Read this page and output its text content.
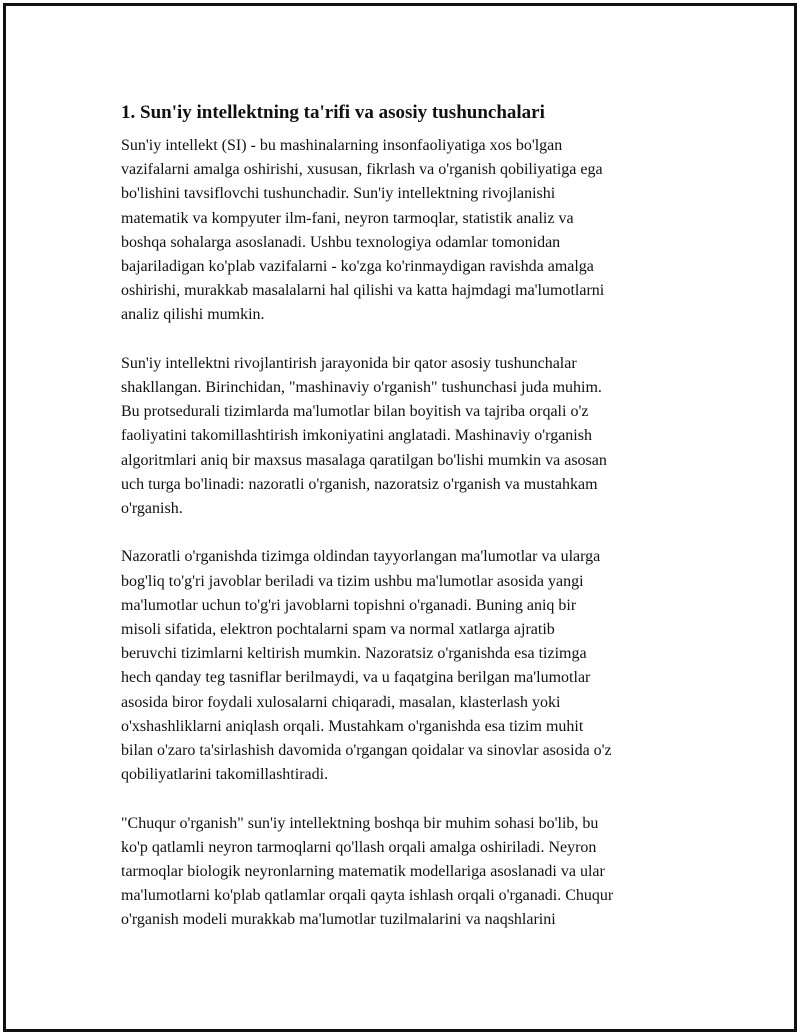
1. Sun'iy intellektning ta'rifi va asosiy tushunchalari

Sun'iy intellekt (SI) - bu mashinalarning insonfaoliyatiga xos bo'lgan
vazifalarni amalga oshirishi, xususan, fikrlash va o'rganish qobiliyatiga ega
bo'lishini tavsiflovchi tushunchadir. Sun'iy intellektning rivojlanishi
matematik va kompyuter ilm-fani, neyron tarmoqlar, statistik analiz va
boshqa sohalarga asoslanadi. Ushbu texnologiya odamlar tomonidan
bajariladigan ko'plab vazifalarni - ko'zga ko'rinmaydigan ravishda amalga
oshirishi, murakkab masalalarni hal qilishi va katta hajmdagi ma'lumotlarni
analiz qilishi mumkin.

Sun'iy intellektni rivojlantirish jarayonida bir qator asosiy tushunchalar
shakllangan. Birinchidan, "mashinaviy o'rganish" tushunchasi juda muhim.
Bu protsedurali tizimlarda ma'lumotlar bilan boyitish va tajriba orqali o'z
faoliyatini takomillashtirish imkoniyatini anglatadi. Mashinaviy o'rganish
algoritmlari aniq bir maxsus masalaga qaratilgan bo'lishi mumkin va asosan
uch turga bo'linadi: nazoratli o'rganish, nazoratsiz o'rganish va mustahkam
o'rganish.

Nazoratli o'rganishda tizimga oldindan tayyorlangan ma'lumotlar va ularga
bog'liq to'g'ri javoblar beriladi va tizim ushbu ma'lumotlar asosida yangi
ma'lumotlar uchun to'g'ri javoblarni topishni o'rganadi. Buning aniq bir
misoli sifatida, elektron pochtalarni spam va normal xatlarga ajratib
beruvchi tizimlarni keltirish mumkin. Nazoratsiz o'rganishda esa tizimga
hech qanday teg tasniflar berilmaydi, va u faqatgina berilgan ma'lumotlar
asosida biror foydali xulosalarni chiqaradi, masalan, klasterlash yoki
o'xshashliklarni aniqlash orqali. Mustahkam o'rganishda esa tizim muhit
bilan o'zaro ta'sirlashish davomida o'rgangan qoidalar va sinovlar asosida o'z
qobiliyatlarini takomillashtiradi.

"Chuqur o'rganish" sun'iy intellektning boshqa bir muhim sohasi bo'lib, bu
ko'p qatlamli neyron tarmoqlarni qo'llash orqali amalga oshiriladi. Neyron
tarmoqlar biologik neyronlarning matematik modellariga asoslanadi va ular
ma'lumotlarni ko'plab qatlamlar orqali qayta ishlash orqali o'rganadi. Chuqur
o'rganish modeli murakkab ma'lumotlar tuzilmalarini va naqshlarini
